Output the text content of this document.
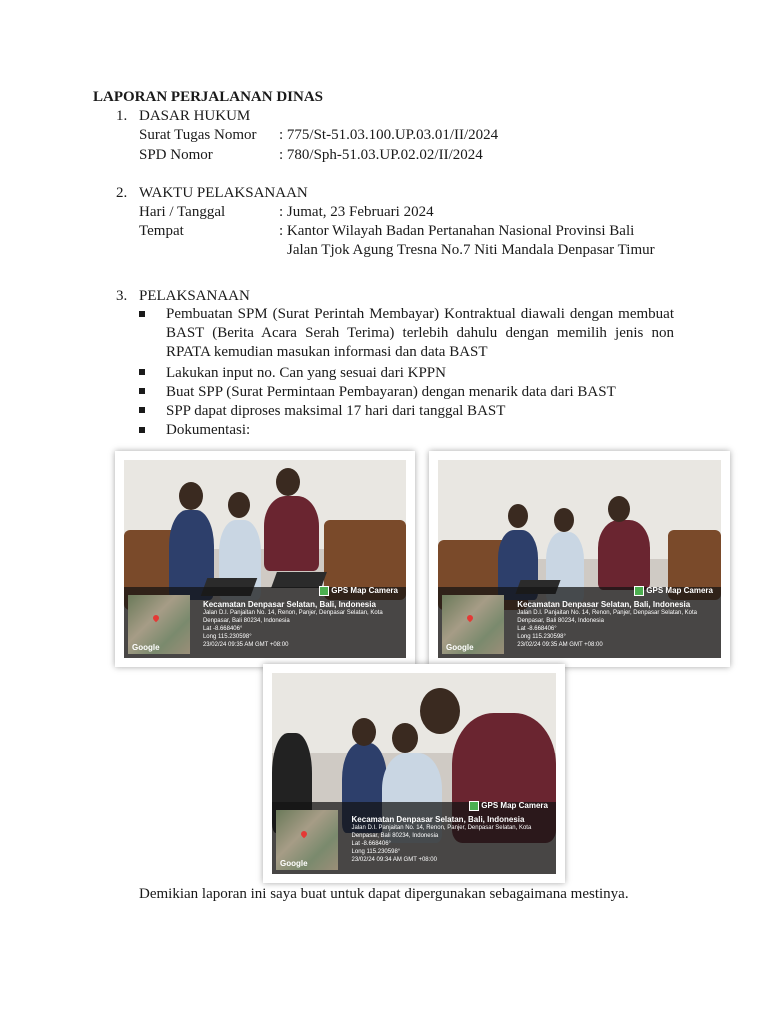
LAPORAN PERJALANAN DINAS
1. DASAR HUKUM
Surat Tugas Nomor : 775/St-51.03.100.UP.03.01/II/2024
SPD Nomor	: 780/Sph-51.03.UP.02.02/II/2024
2. WAKTU PELAKSANAAN
Hari / Tanggal	: Jumat, 23 Februari 2024
Tempat	: Kantor Wilayah Badan Pertanahan Nasional Provinsi Bali
Jalan Tjok Agung Tresna No.7 Niti Mandala Denpasar Timur
3. PELAKSANAAN
Pembuatan SPM (Surat Perintah Membayar) Kontraktual diawali dengan membuat BAST (Berita Acara Serah Terima) terlebih dahulu dengan memilih jenis non RPATA kemudian masukan informasi dan data BAST
Lakukan input no. Can yang sesuai dari KPPN
Buat SPP (Surat Permintaan Pembayaran) dengan menarik data dari BAST
SPP dapat diproses maksimal 17 hari dari tanggal BAST
Dokumentasi:
GPS Map Camera
Kecamatan Denpasar Selatan, Bali, Indonesia
Jalan D.I. Panjaitan No. 14, Renon, Panjer, Denpasar Selatan, Kota
Denpasar, Bali 80234, Indonesia
Lat -8.668406°
Long 115.230598°
23/02/24 09:35 AM GMT +08:00
Google
GPS Map Camera
Kecamatan Denpasar Selatan, Bali, Indonesia
Jalan D.I. Panjaitan No. 14, Renon, Panjer, Denpasar Selatan, Kota
Denpasar, Bali 80234, Indonesia
Lat -8.668406°
Long 115.230598°
23/02/24 09:35 AM GMT +08:00
Google
GPS Map Camera
Kecamatan Denpasar Selatan, Bali, Indonesia
Jalan D.I. Panjaitan No. 14, Renon, Panjer, Denpasar Selatan, Kota
Denpasar, Bali 80234, Indonesia
Lat -8.668406°
Long 115.230598°
23/02/24 09:34 AM GMT +08:00
Google
Demikian laporan ini saya buat untuk dapat dipergunakan sebagaimana mestinya.
